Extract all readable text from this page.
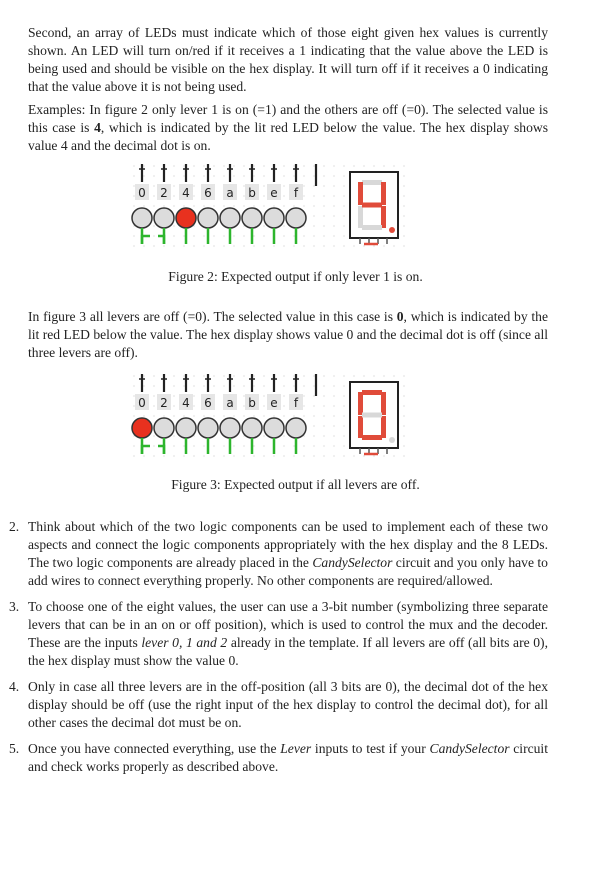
Second, an array of LEDs must indicate which of those eight given hex values is currently shown. An LED will turn on/red if it receives a 1 indicating that the value above the LED is being used and should be visible on the hex display. It will turn off if it receives a 0 indicating that the value above it is not being used.

Examples: In figure 2 only lever 1 is on (=1) and the others are off (=0). The selected value is this case is 4, which is indicated by the lit red LED below the value. The hex display shows value 4 and the decimal dot is on.

0 2 4 6 a b e f
Figure 2: Expected output if only lever 1 is on.

In figure 3 all levers are off (=0). The selected value in this case is 0, which is indicated by the lit red LED below the value. The hex display shows value 0 and the decimal dot is off (since all three levers are off).

0 2 4 6 a b e f
Figure 3: Expected output if all levers are off.
2. Think about which of the two logic components can be used to implement each of these two aspects and connect the logic components appropriately with the hex display and the 8 LEDs. The two logic components are already placed in the CandySelector circuit and you only have to add wires to connect everything properly. No other components are required/allowed.
3. To choose one of the eight values, the user can use a 3-bit number (symbolizing three separate levers that can be in an on or off position), which is used to control the mux and the decoder. These are the inputs lever 0, 1 and 2 already in the template. If all levers are off (all bits are 0), the hex display must show the value 0.
4. Only in case all three levers are in the off-position (all 3 bits are 0), the decimal dot of the hex display should be off (use the right input of the hex display to control the decimal dot), for all other cases the decimal dot must be on.
5. Once you have connected everything, use the Lever inputs to test if your CandySelector circuit and check works properly as described above.
